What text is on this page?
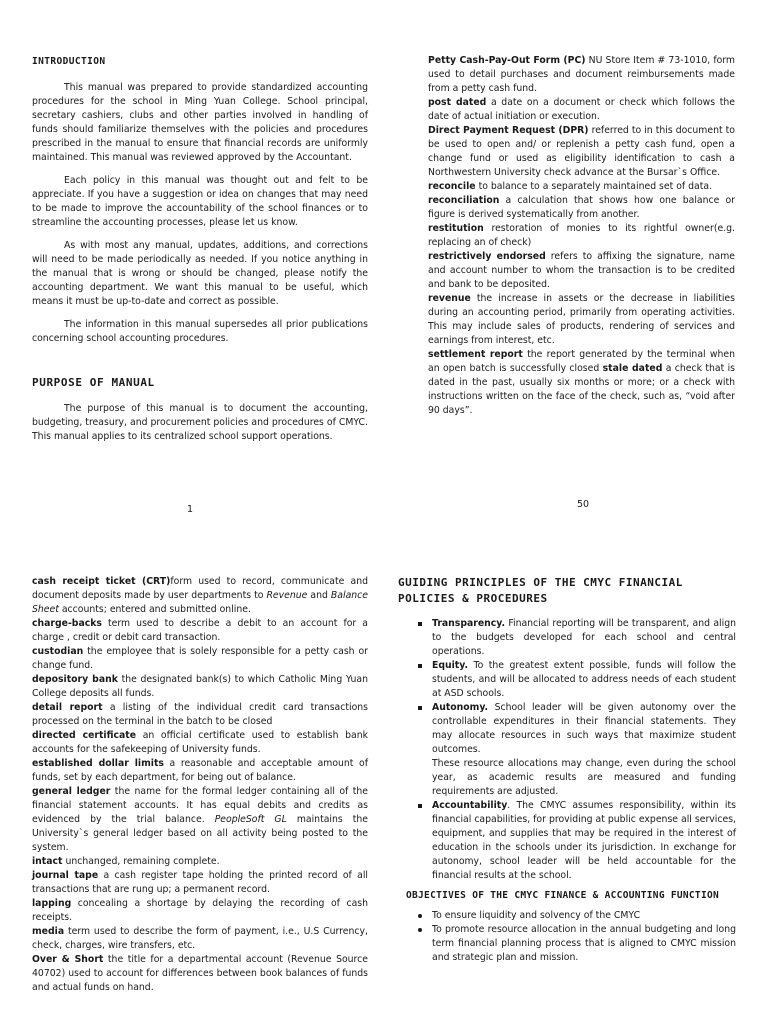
INTRODUCTION

This manual was prepared to provide standardized accounting procedures for the school in Ming Yuan College. School principal, secretary cashiers, clubs and other parties involved in handling of funds should familiarize themselves with the policies and procedures prescribed in the manual to ensure that financial records are uniformly maintained. This manual was reviewed approved by the Accountant.

Each policy in this manual was thought out and felt to be appreciate. If you have a suggestion or idea on changes that may need to be made to improve the accountability of the school finances or to streamline the accounting processes, please let us know.

As with most any manual, updates, additions, and corrections will need to be made periodically as needed. If you notice anything in the manual that is wrong or should be changed, please notify the accounting department. We want this manual to be useful, which means it must be up-to-date and correct as possible.

The information in this manual supersedes all prior publications concerning school accounting procedures.

PURPOSE OF MANUAL

The purpose of this manual is to document the accounting, budgeting, treasury, and procurement policies and procedures of CMYC. This manual applies to its centralized school support operations.

1
Petty Cash-Pay-Out Form (PC) NU Store Item # 73-1010, form used to detail purchases and document reimbursements made from a petty cash fund.
post dated a date on a document or check which follows the date of actual initiation or execution.
Direct Payment Request (DPR) referred to in this document to be used to open and/ or replenish a petty cash fund, open a change fund or used as eligibility identification to cash a Northwestern University check advance at the Bursar`s Office.
reconcile to balance to a separately maintained set of data.
reconciliation a calculation that shows how one balance or figure is derived systematically from another.
restitution restoration of monies to its rightful owner(e.g. replacing an of check)
restrictively endorsed refers to affixing the signature, name and account number to whom the transaction is to be credited and bank to be deposited.
revenue the increase in assets or the decrease in liabilities during an accounting period, primarily from operating activities. This may include sales of products, rendering of services and earnings from interest, etc.
settlement report the report generated by the terminal when an open batch is successfully closed stale dated a check that is dated in the past, usually six months or more; or a check with instructions written on the face of the check, such as, “void after 90 days”.
50
cash receipt ticket (CRT)form used to record, communicate and document deposits made by user departments to Revenue and Balance Sheet accounts; entered and submitted online.
charge-backs term used to describe a debit to an account for a charge , credit or debit card transaction.
custodian the employee that is solely responsible for a petty cash or change fund.
depository bank the designated bank(s) to which Catholic Ming Yuan College deposits all funds.
detail report a listing of the individual credit card transactions processed on the terminal in the batch to be closed
directed certificate an official certificate used to establish bank accounts for the safekeeping of University funds.
established dollar limits a reasonable and acceptable amount of funds, set by each department, for being out of balance.
general ledger the name for the formal ledger containing all of the financial statement accounts. It has equal debits and credits as evidenced by the trial balance. PeopleSoft GL maintains the University`s general ledger based on all activity being posted to the system.
intact unchanged, remaining complete.
journal tape a cash register tape holding the printed record of all transactions that are rung up; a permanent record.
lapping concealing a shortage by delaying the recording of cash receipts.
media term used to describe the form of payment, i.e., U.S Currency, check, charges, wire transfers, etc.
Over & Short the title for a departmental account (Revenue Source 40702) used to account for differences between book balances of funds and actual funds on hand.
GUIDING PRINCIPLES OF THE CMYC FINANCIAL POLICIES & PROCEDURES
Transparency. Financial reporting will be transparent, and align to the budgets developed for each school and central operations.
Equity. To the greatest extent possible, funds will follow the students, and will be allocated to address needs of each student at ASD schools.
Autonomy. School leader will be given autonomy over the controllable expenditures in their financial statements. They may allocate resources in such ways that maximize student outcomes.
These resource allocations may change, even during the school year, as academic results are measured and funding requirements are adjusted.
Accountability. The CMYC assumes responsibility, within its financial capabilities, for providing at public expense all services, equipment, and supplies that may be required in the interest of education in the schools under its jurisdiction. In exchange for autonomy, school leader will be held accountable for the financial results at the school.
OBJECTIVES OF THE CMYC FINANCE & ACCOUNTING FUNCTION
To ensure liquidity and solvency of the CMYC
To promote resource allocation in the annual budgeting and long term financial planning process that is aligned to CMYC mission and strategic plan and mission.
